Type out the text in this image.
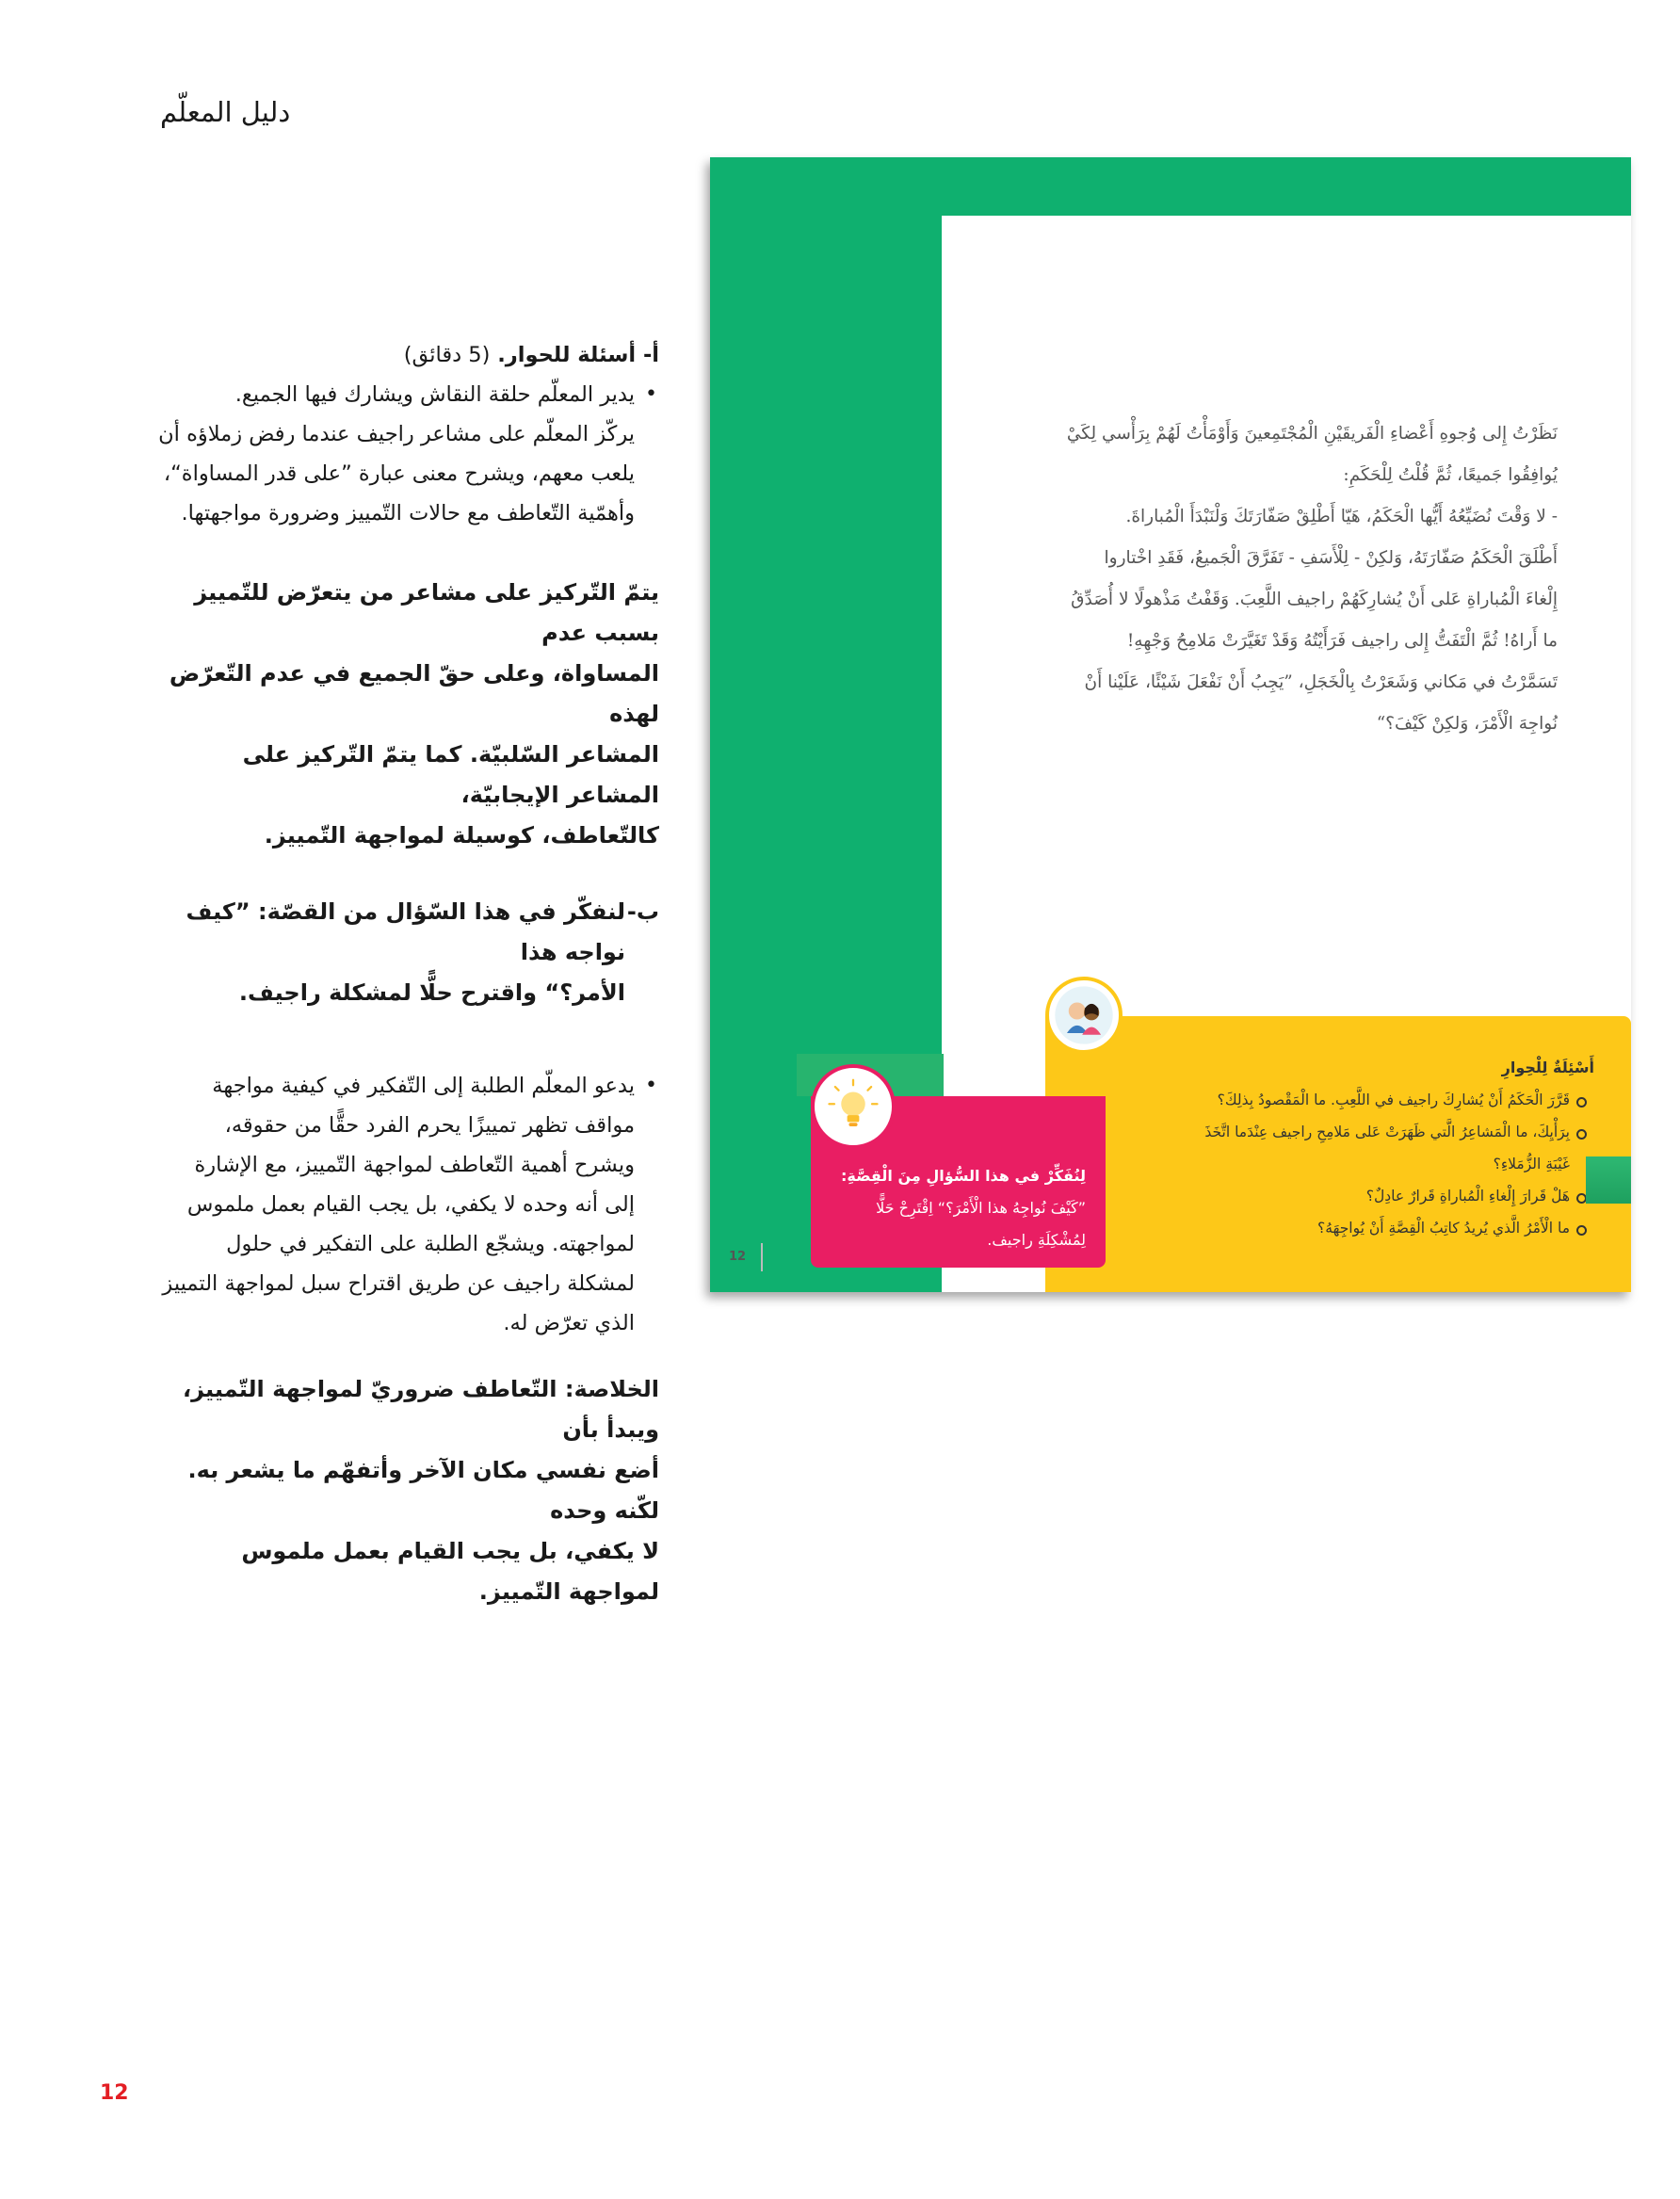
دليل المعلّم
أ- أسئلة للحوار. (5 دقائق)
• يدير المعلّم حلقة النقاش ويشارك فيها الجميع.
يركّز المعلّم على مشاعر راجيف عندما رفض زملاؤه أن
يلعب معهم، ويشرح معنى عبارة ”على قدر المساواة“،
وأهمّية التّعاطف مع حالات التّمييز وضرورة مواجهتها.
يتمّ التّركيز على مشاعر من يتعرّض للتّمييز بسبب عدم
المساواة، وعلى حقّ الجميع في عدم التّعرّض لهذه
المشاعر السّلبيّة. كما يتمّ التّركيز على المشاعر الإيجابيّة،
كالتّعاطف، كوسيلة لمواجهة التّمييز.
ب-
لنفكّر في هذا السّؤال من القصّة: ”كيف نواجه هذا
الأمر؟“ واقترح حلًّا لمشكلة راجيف.
• يدعو المعلّم الطلبة إلى التّفكير في كيفية مواجهة
مواقف تظهر تمييزًا يحرم الفرد حقًّا من حقوقه،
ويشرح أهمية التّعاطف لمواجهة التّمييز، مع الإشارة
إلى أنه وحده لا يكفي، بل يجب القيام بعمل ملموس
لمواجهته. ويشجّع الطلبة على التفكير في حلول
لمشكلة راجيف عن طريق اقتراح سبل لمواجهة التمييز
الذي تعرّض له.
الخلاصة: التّعاطف ضروريّ لمواجهة التّمييز، ويبدأ بأن
أضع نفسي مكان الآخر وأتفهّم ما يشعر به. لكّنه وحده
لا يكفي، بل يجب القيام بعمل ملموس لمواجهة التّمييز.
نَظَرْتُ إِلى وُجوهِ أَعْضاءِ الْفَريقَيْنِ الْمُجْتَمِعينَ وَأَوْمَأْتُ لَهُمْ بِرَأْسي لِكَيْ
يُوافِقُوا جَميعًا، ثُمَّ قُلْتُ لِلْحَكَمِ:
- لا وَقْتَ نُضَيِّعُهُ أَيُّها الْحَكَمُ، هَيّا أَطْلِقْ صَفّارَتَكَ وَلْنَبْدَأَ الْمُباراةَ.
أَطْلَقَ الْحَكَمُ صَفّارَتَهُ، وَلكِنْ - لِلْأَسَفِ - تَفَرَّقَ الْجَميعُ، فَقَدِ اخْتاروا
إِلْغاءَ الْمُباراةِ عَلى أَنْ يُشارِكَهُمْ راجيف اللَّعِبَ. وَقَفْتُ مَذْهولًا لا أُصَدِّقُ
ما أَراهُ! ثُمَّ الْتَفَتُّ إِلى راجيف فَرَأَيْتُهُ وَقَدْ تَغَيَّرَتْ مَلامِحُ وَجْهِهِ!
تَسَمَّرْتُ في مَكاني وَشَعَرْتُ بِالْخَجَلِ، ”يَجِبُ أَنْ نَفْعَلَ شَيْئًا، عَلَيْنا أَنْ
نُواجِهَ الْأَمْرَ، وَلكِنْ كَيْفَ؟“
أَسْئِلَةٌ لِلْحِوارِ
قَرَّرَ الْحَكَمُ أَنْ يُشارِكَ راجيف في اللَّعِبِ. ما الْمَقْصودُ بِذلِكَ؟
بِرَأْيِكَ، ما الْمَشاعِرُ الَّتي ظَهَرَتْ عَلى مَلامِحِ راجيف عِنْدَما اتَّخَذَ
غَيْبَةِ الزُّمَلاءِ؟
هَلْ قَرارَ إِلْغاءِ الْمُباراةِ قَرارٌ عادِلٌ؟
ما الْأَمْرُ الَّذي يُريدُ كاتِبُ الْقِصَّةِ أَنْ يُواجِهَهُ؟
لِنُفَكِّرْ في هذا السُّؤالِ مِنَ الْقِصَّةِ:
”كَيْفَ نُواجِهُ هذا الْأَمْرَ؟“ اِقْتَرِحْ حَلًّا
لِمُشْكِلَةِ راجيف.
12
12
